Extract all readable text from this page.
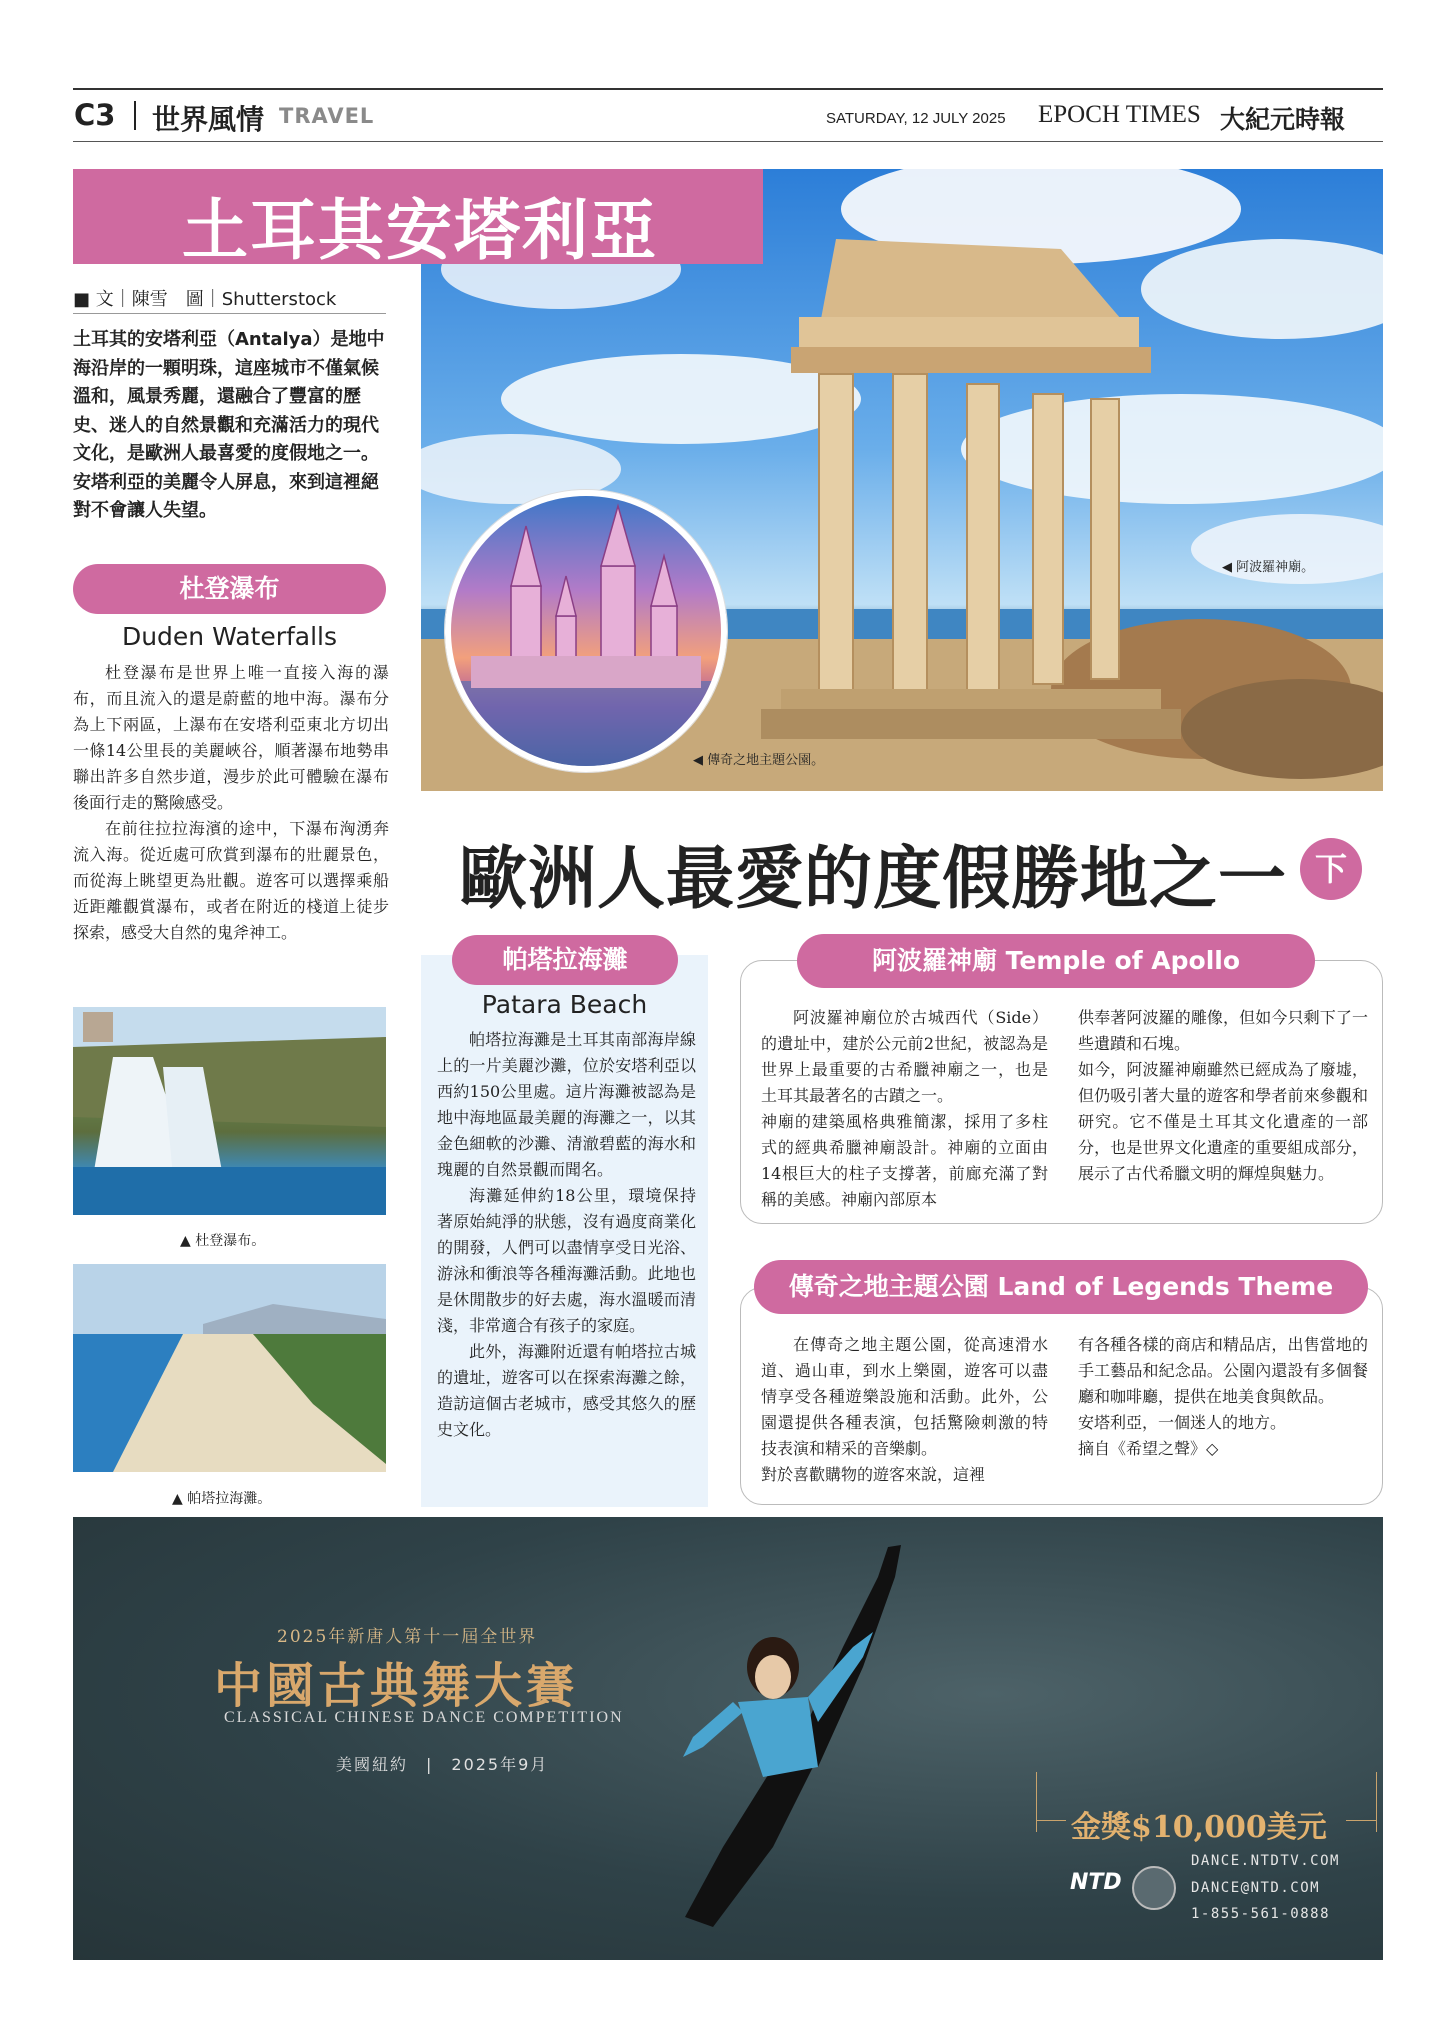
C3 世界風情 TRAVEL	SATURDAY, 12 JULY 2025 EPOCH TIMES 大紀元時報
◀ 阿波羅神廟。
◀ 傳奇之地主題公園。
土耳其安塔利亞
■ 文｜陳雪　圖｜Shutterstock
土耳其的安塔利亞（Antalya）是地中海沿岸的一顆明珠，這座城市不僅氣候溫和，風景秀麗，還融合了豐富的歷史、迷人的自然景觀和充滿活力的現代文化，是歐洲人最喜愛的度假地之一。 安塔利亞的美麗令人屏息，來到這裡絕對不會讓人失望。
杜登瀑布
Duden Waterfalls

杜登瀑布是世界上唯一直接入海的瀑布，而且流入的還是蔚藍的地中海。瀑布分為上下兩區，上瀑布在安塔利亞東北方切出一條14公里長的美麗峽谷，順著瀑布地勢串聯出許多自然步道，漫步於此可體驗在瀑布後面行走的驚險感受。

在前往拉拉海濱的途中，下瀑布洶湧奔流入海。從近處可欣賞到瀑布的壯麗景色，而從海上眺望更為壯觀。遊客可以選擇乘船近距離觀賞瀑布，或者在附近的棧道上徒步探索，感受大自然的鬼斧神工。

▲ 杜登瀑布。
▲ 帕塔拉海灘。
歐洲人最愛的度假勝地之一 下
帕塔拉海灘
Patara Beach

帕塔拉海灘是土耳其南部海岸線上的一片美麗沙灘，位於安塔利亞以西約150公里處。這片海灘被認為是地中海地區最美麗的海灘之一，以其金色細軟的沙灘、清澈碧藍的海水和瑰麗的自然景觀而聞名。

海灘延伸約18公里，環境保持著原始純淨的狀態，沒有過度商業化的開發，人們可以盡情享受日光浴、游泳和衝浪等各種海灘活動。此地也是休閒散步的好去處，海水溫暖而清淺，非常適合有孩子的家庭。

此外，海灘附近還有帕塔拉古城的遺址，遊客可以在探索海灘之餘，造訪這個古老城市，感受其悠久的歷史文化。

阿波羅神廟 Temple of Apollo
阿波羅神廟位於古城西代（Side）的遺址中，建於公元前2世紀，被認為是世界上最重要的古希臘神廟之一，也是土耳其最著名的古蹟之一。
神廟的建築風格典雅簡潔，採用了多柱式的經典希臘神廟設計。神廟的立面由14根巨大的柱子支撐著，前廊充滿了對稱的美感。神廟內部原本
供奉著阿波羅的雕像，但如今只剩下了一些遺蹟和石塊。
如今，阿波羅神廟雖然已經成為了廢墟，但仍吸引著大量的遊客和學者前來參觀和研究。它不僅是土耳其文化遺產的一部分，也是世界文化遺產的重要組成部分，展示了古代希臘文明的輝煌與魅力。
傳奇之地主題公園 Land of Legends Theme Park
在傳奇之地主題公園，從高速滑水道、過山車，到水上樂園，遊客可以盡情享受各種遊樂設施和活動。此外，公園還提供各種表演，包括驚險刺激的特技表演和精采的音樂劇。
對於喜歡購物的遊客來說，這裡
有各種各樣的商店和精品店，出售當地的手工藝品和紀念品。公園內還設有多個餐廳和咖啡廳，提供在地美食與飲品。
安塔利亞，一個迷人的地方。
摘自《希望之聲》◇
2025年新唐人第十一屆全世界
中國古典舞大賽
CLASSICAL CHINESE DANCE COMPETITION
美國紐約　|　2025年9月
金獎$10,000美元
NTD
DANCE.NTDTV.COM
DANCE@NTD.COM
1-855-561-0888
